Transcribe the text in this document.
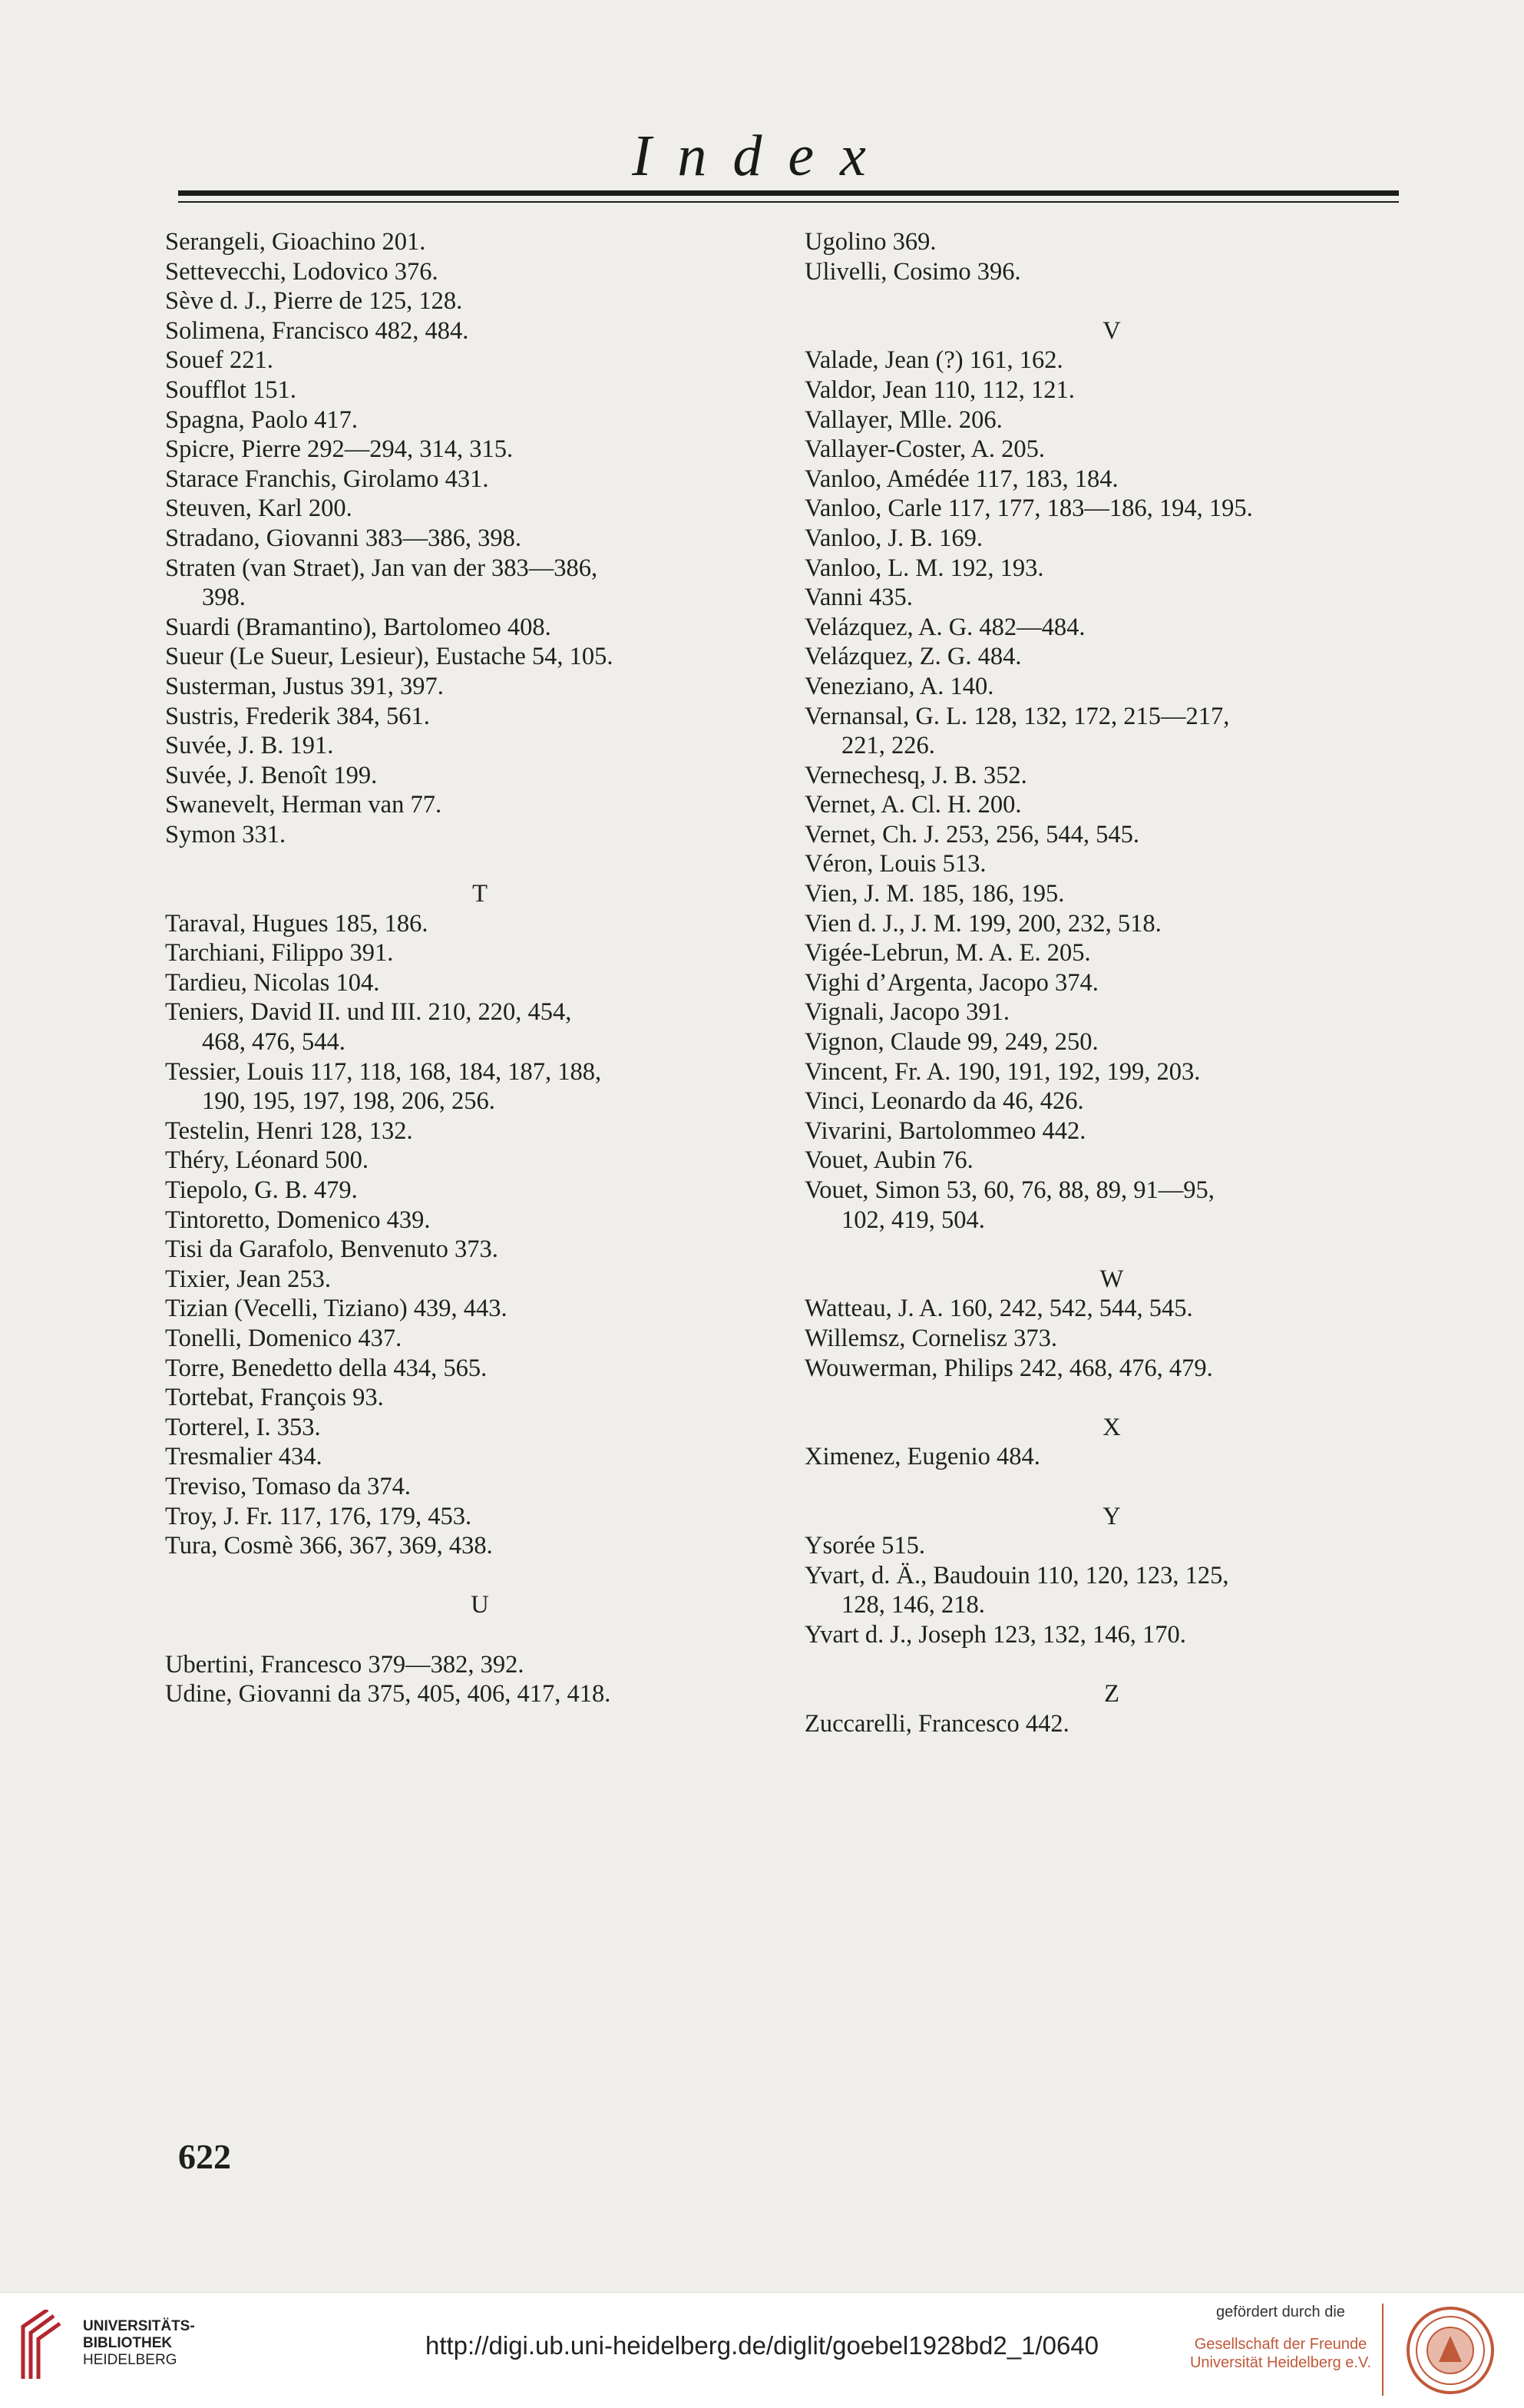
Index
Serangeli, Gioachino 201.
Settevecchi, Lodovico 376.
Sève d. J., Pierre de 125, 128.
Solimena, Francisco 482, 484.
Souef 221.
Soufflot 151.
Spagna, Paolo 417.
Spicre, Pierre 292—294, 314, 315.
Starace Franchis, Girolamo 431.
Steuven, Karl 200.
Stradano, Giovanni 383—386, 398.
Straten (van Straet), Jan van der 383—386,
398.
Suardi (Bramantino), Bartolomeo 408.
Sueur (Le Sueur, Lesieur), Eustache 54, 105.
Susterman, Justus 391, 397.
Sustris, Frederik 384, 561.
Suvée, J. B. 191.
Suvée, J. Benoît 199.
Swanevelt, Herman van 77.
Symon 331.
T
Taraval, Hugues 185, 186.
Tarchiani, Filippo 391.
Tardieu, Nicolas 104.
Teniers, David II. und III. 210, 220, 454,
468, 476, 544.
Tessier, Louis 117, 118, 168, 184, 187, 188,
190, 195, 197, 198, 206, 256.
Testelin, Henri 128, 132.
Théry, Léonard 500.
Tiepolo, G. B. 479.
Tintoretto, Domenico 439.
Tisi da Garafolo, Benvenuto 373.
Tixier, Jean 253.
Tizian (Vecelli, Tiziano) 439, 443.
Tonelli, Domenico 437.
Torre, Benedetto della 434, 565.
Tortebat, François 93.
Torterel, I. 353.
Tresmalier 434.
Treviso, Tomaso da 374.
Troy, J. Fr. 117, 176, 179, 453.
Tura, Cosmè 366, 367, 369, 438.
U
Ubertini, Francesco 379—382, 392.
Udine, Giovanni da 375, 405, 406, 417, 418.
Ugolino 369.
Ulivelli, Cosimo 396.
V
Valade, Jean (?) 161, 162.
Valdor, Jean 110, 112, 121.
Vallayer, Mlle. 206.
Vallayer-Coster, A. 205.
Vanloo, Amédée 117, 183, 184.
Vanloo, Carle 117, 177, 183—186, 194, 195.
Vanloo, J. B. 169.
Vanloo, L. M. 192, 193.
Vanni 435.
Velázquez, A. G. 482—484.
Velázquez, Z. G. 484.
Veneziano, A. 140.
Vernansal, G. L. 128, 132, 172, 215—217,
221, 226.
Vernechesq, J. B. 352.
Vernet, A. Cl. H. 200.
Vernet, Ch. J. 253, 256, 544, 545.
Véron, Louis 513.
Vien, J. M. 185, 186, 195.
Vien d. J., J. M. 199, 200, 232, 518.
Vigée-Lebrun, M. A. E. 205.
Vighi d’Argenta, Jacopo 374.
Vignali, Jacopo 391.
Vignon, Claude 99, 249, 250.
Vincent, Fr. A. 190, 191, 192, 199, 203.
Vinci, Leonardo da 46, 426.
Vivarini, Bartolommeo 442.
Vouet, Aubin 76.
Vouet, Simon 53, 60, 76, 88, 89, 91—95,
102, 419, 504.
W
Watteau, J. A. 160, 242, 542, 544, 545.
Willemsz, Cornelisz 373.
Wouwerman, Philips 242, 468, 476, 479.
X
Ximenez, Eugenio 484.
Y
Ysorée 515.
Yvart, d. Ä., Baudouin 110, 120, 123, 125,
128, 146, 218.
Yvart d. J., Joseph 123, 132, 146, 170.
Z
Zuccarelli, Francesco 442.
622
UNIVERSITÄTS-
BIBLIOTHEK
HEIDELBERG
http://digi.ub.uni-heidelberg.de/diglit/goebel1928bd2_1/0640
gefördert durch die
Gesellschaft der Freunde
Universität Heidelberg e.V.
